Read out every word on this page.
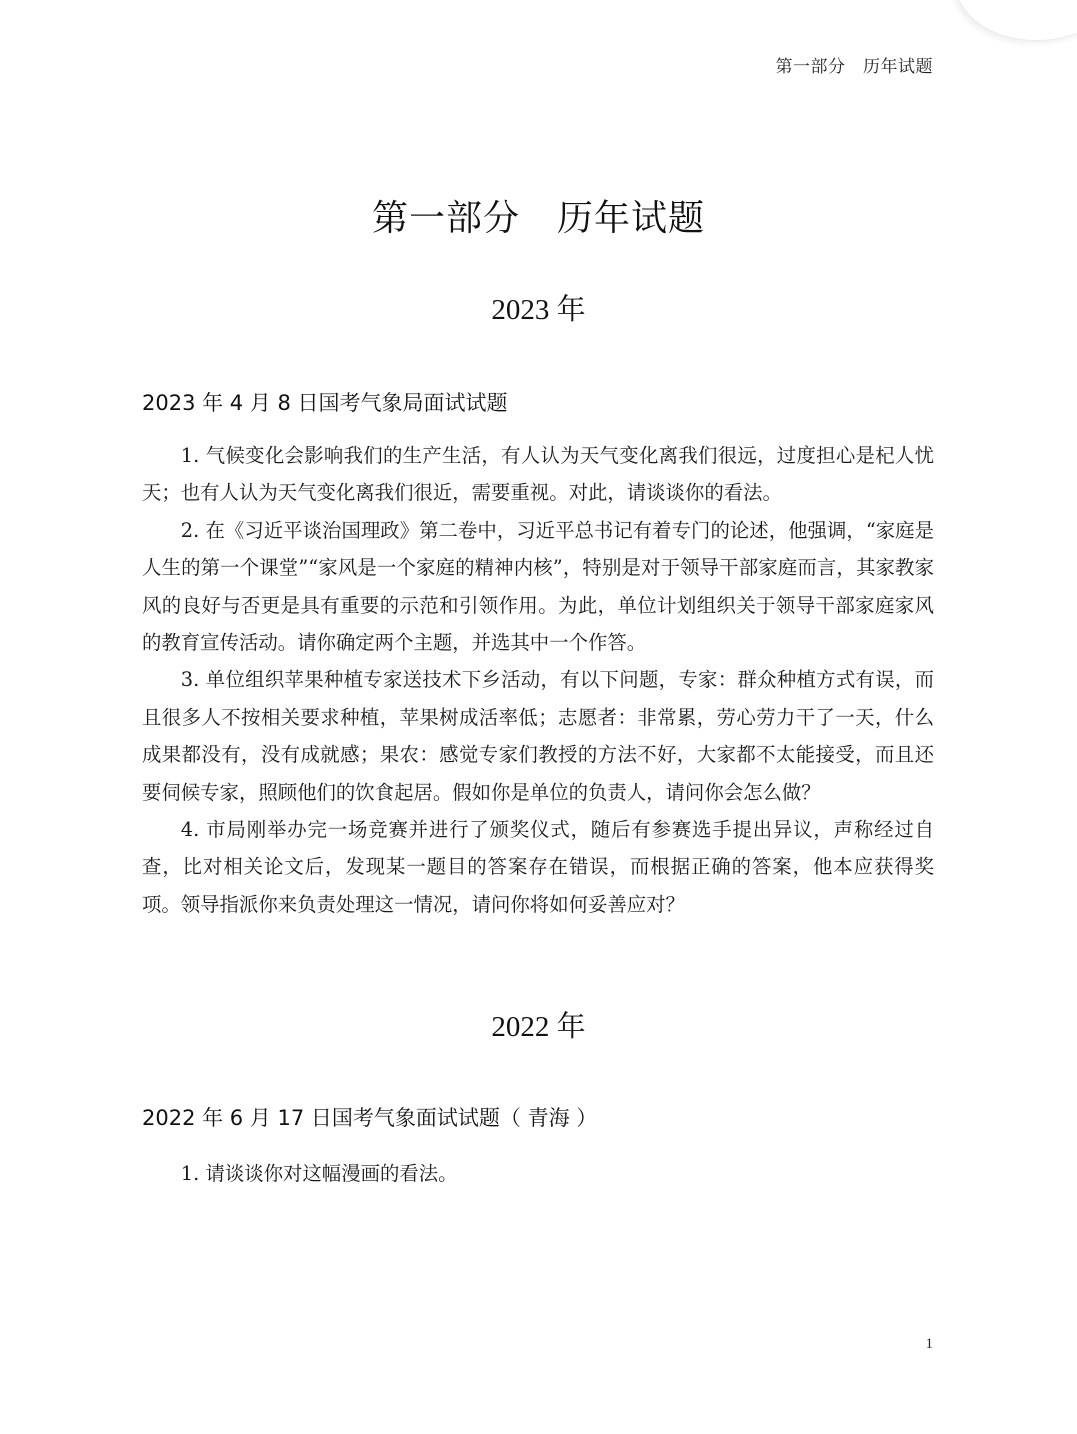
第一部分　历年试题
第一部分　历年试题
2023 年
2023 年 4 月 8 日国考气象局面试试题

1. 气候变化会影响我们的生产生活，有人认为天气变化离我们很远，过度担心是杞人忧天；也有人认为天气变化离我们很近，需要重视。对此，请谈谈你的看法。

2. 在《习近平谈治国理政》第二卷中，习近平总书记有着专门的论述，他强调，“家庭是人生的第一个课堂”“家风是一个家庭的精神内核”，特别是对于领导干部家庭而言，其家教家风的良好与否更是具有重要的示范和引领作用。为此，单位计划组织关于领导干部家庭家风的教育宣传活动。请你确定两个主题，并选其中一个作答。

3. 单位组织苹果种植专家送技术下乡活动，有以下问题，专家：群众种植方式有误，而且很多人不按相关要求种植，苹果树成活率低；志愿者：非常累，劳心劳力干了一天，什么成果都没有，没有成就感；果农：感觉专家们教授的方法不好，大家都不太能接受，而且还要伺候专家，照顾他们的饮食起居。假如你是单位的负责人，请问你会怎么做？

4. 市局刚举办完一场竞赛并进行了颁奖仪式，随后有参赛选手提出异议，声称经过自查，比对相关论文后，发现某一题目的答案存在错误，而根据正确的答案，他本应获得奖项。领导指派你来负责处理这一情况，请问你将如何妥善应对？

2022 年
2022 年 6 月 17 日国考气象面试试题（ 青海 ）

1. 请谈谈你对这幅漫画的看法。

1
